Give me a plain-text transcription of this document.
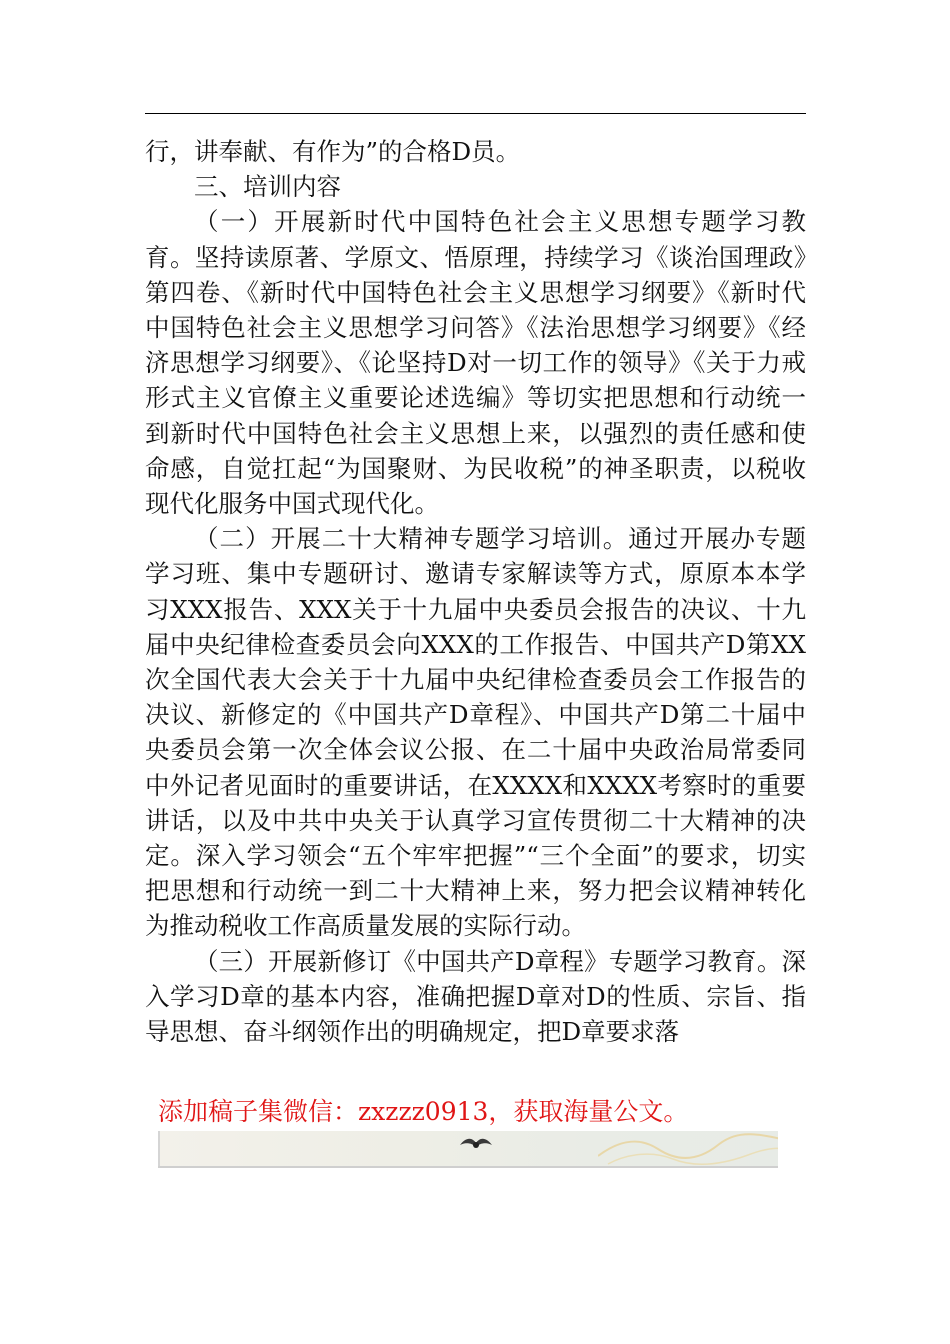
行，讲奉献、有作为”的合格D员。

三、培训内容

（一）开展新时代中国特色社会主义思想专题学习教育。坚持读原著、学原文、悟原理，持续学习《谈治国理政》第四卷、《新时代中国特色社会主义思想学习纲要》《新时代中国特色社会主义思想学习问答》《法治思想学习纲要》《经济思想学习纲要》、《论坚持D对一切工作的领导》《关于力戒形式主义官僚主义重要论述选编》等切实把思想和行动统一到新时代中国特色社会主义思想上来，以强烈的责任感和使命感，自觉扛起“为国聚财、为民收税”的神圣职责，以税收现代化服务中国式现代化。

（二）开展二十大精神专题学习培训。通过开展办专题学习班、集中专题研讨、邀请专家解读等方式，原原本本学习XXX报告、XXX关于十九届中央委员会报告的决议、十九届中央纪律检查委员会向XXX的工作报告、中国共产D第XX次全国代表大会关于十九届中央纪律检查委员会工作报告的决议、新修定的《中国共产D章程》、中国共产D第二十届中央委员会第一次全体会议公报、在二十届中央政治局常委同中外记者见面时的重要讲话，在XXXX和XXXX考察时的重要讲话，以及中共中央关于认真学习宣传贯彻二十大精神的决定。深入学习领会“五个牢牢把握”“三个全面”的要求，切实把思想和行动统一到二十大精神上来，努力把会议精神转化为推动税收工作高质量发展的实际行动。

（三）开展新修订《中国共产D章程》专题学习教育。深入学习D章的基本内容，准确把握D章对D的性质、宗旨、指导思想、奋斗纲领作出的明确规定，把D章要求落

添加稿子集微信：zxzzz0913，获取海量公文。
